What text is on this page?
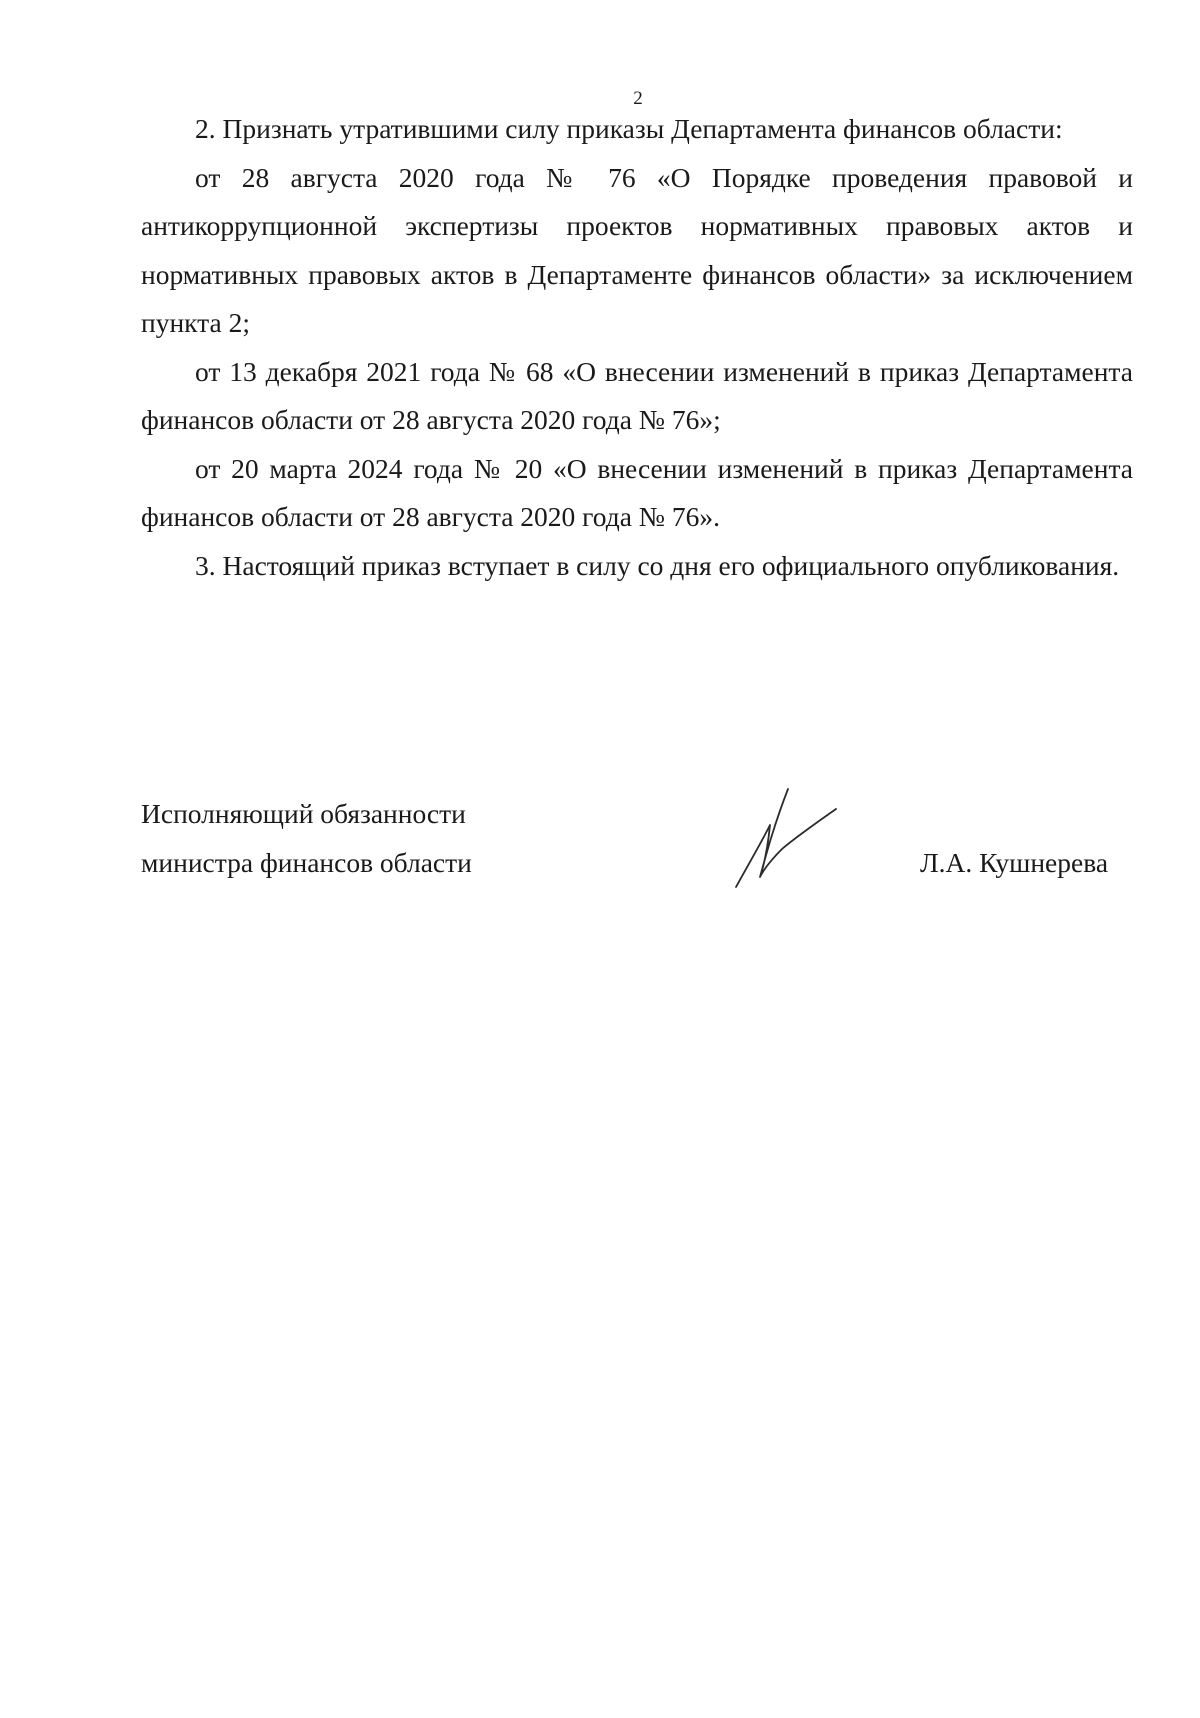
2

2. Признать утратившими силу приказы Департамента финансов области:

от 28 августа 2020 года № 76 «О Порядке проведения правовой и антикоррупционной экспертизы проектов нормативных правовых актов и нормативных правовых актов в Департаменте финансов области» за исключением пункта 2;

от 13 декабря 2021 года № 68 «О внесении изменений в приказ Департамента финансов области от 28 августа 2020 года № 76»;

от 20 марта 2024 года № 20 «О внесении изменений в приказ Департамента финансов области от 28 августа 2020 года № 76».

3. Настоящий приказ вступает в силу со дня его официального опубликования.

Исполняющий обязанности
министра финансов области	Л.А. Кушнерева
